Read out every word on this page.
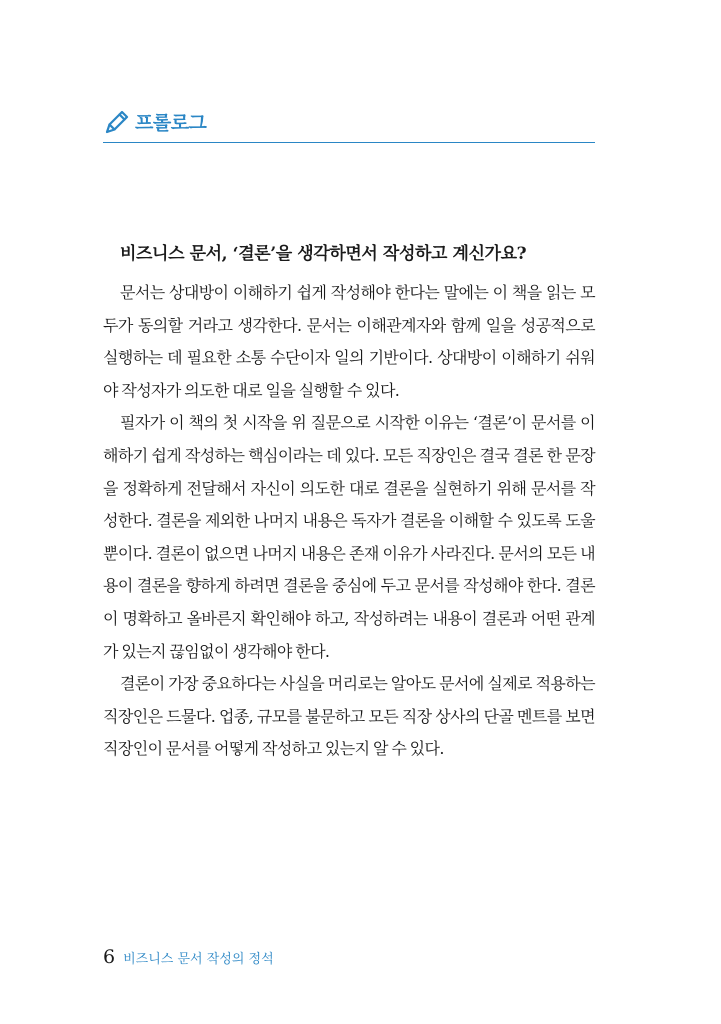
프롤로그

비즈니스 문서, ‘결론’을 생각하면서 작성하고 계신가요?

문서는 상대방이 이해하기 쉽게 작성해야 한다는 말에는 이 책을 읽는 모두가 동의할 거라고 생각한다. 문서는 이해관계자와 함께 일을 성공적으로 실행하는 데 필요한 소통 수단이자 일의 기반이다. 상대방이 이해하기 쉬워야 작성자가 의도한 대로 일을 실행할 수 있다.

필자가 이 책의 첫 시작을 위 질문으로 시작한 이유는 ‘결론’이 문서를 이해하기 쉽게 작성하는 핵심이라는 데 있다. 모든 직장인은 결국 결론 한 문장을 정확하게 전달해서 자신이 의도한 대로 결론을 실현하기 위해 문서를 작성한다. 결론을 제외한 나머지 내용은 독자가 결론을 이해할 수 있도록 도울 뿐이다. 결론이 없으면 나머지 내용은 존재 이유가 사라진다. 문서의 모든 내용이 결론을 향하게 하려면 결론을 중심에 두고 문서를 작성해야 한다. 결론이 명확하고 올바른지 확인해야 하고, 작성하려는 내용이 결론과 어떤 관계가 있는지 끊임없이 생각해야 한다.

결론이 가장 중요하다는 사실을 머리로는 알아도 문서에 실제로 적용하는 직장인은 드물다. 업종, 규모를 불문하고 모든 직장 상사의 단골 멘트를 보면 직장인이 문서를 어떻게 작성하고 있는지 알 수 있다.

6 비즈니스 문서 작성의 정석
